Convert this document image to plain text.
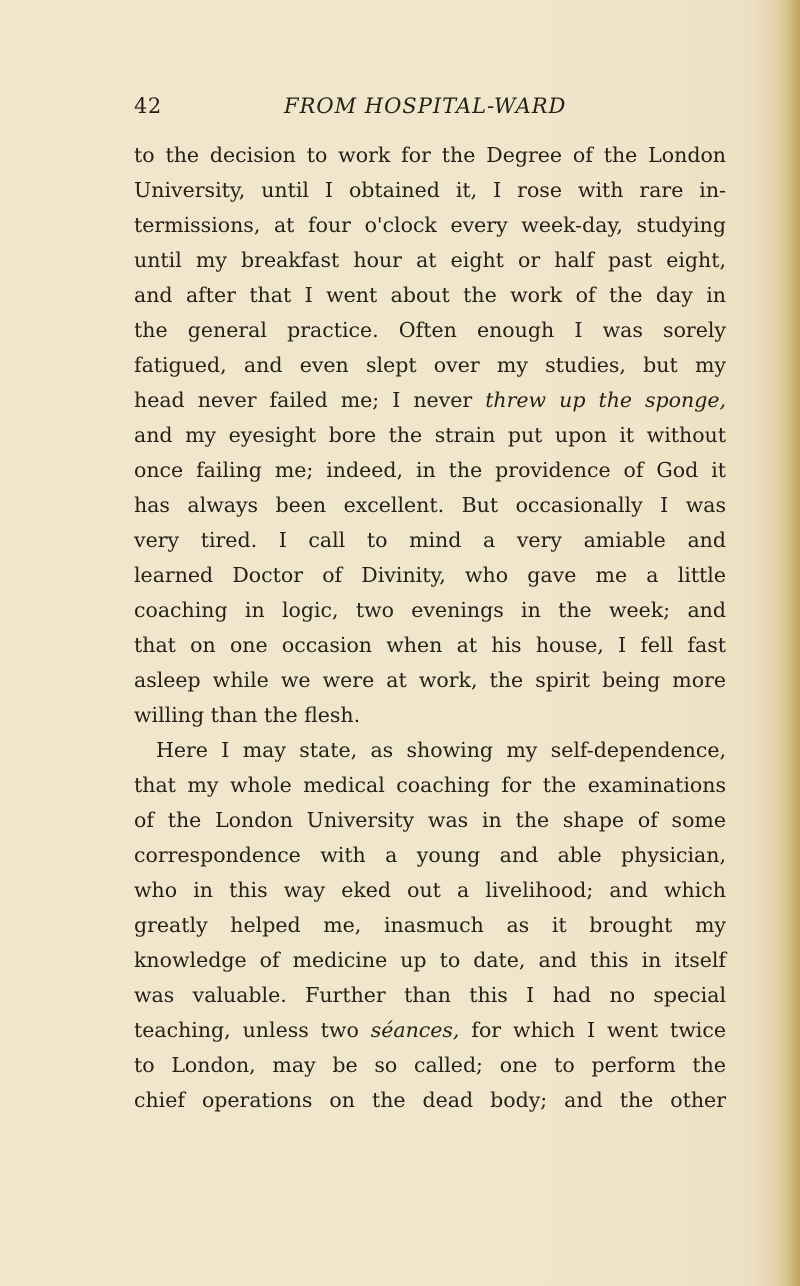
42	FROM HOSPITAL-WARD
to the decision to work for the Degree of the London
University, until I obtained it, I rose with rare in-
termissions, at four o'clock every week-day, studying
until my breakfast hour at eight or half past eight,
and after that I went about the work of the day in
the general practice. Often enough I was sorely
fatigued, and even slept over my studies, but my
head never failed me; I never threw up the sponge,
and my eyesight bore the strain put upon it without
once failing me; indeed, in the providence of God it
has always been excellent. But occasionally I was
very tired. I call to mind a very amiable and
learned Doctor of Divinity, who gave me a little
coaching in logic, two evenings in the week; and
that on one occasion when at his house, I fell fast
asleep while we were at work, the spirit being more
willing than the flesh.
Here I may state, as showing my self-dependence,
that my whole medical coaching for the examinations
of the London University was in the shape of some
correspondence with a young and able physician,
who in this way eked out a livelihood; and which
greatly helped me, inasmuch as it brought my
knowledge of medicine up to date, and this in itself
was valuable. Further than this I had no special
teaching, unless two séances, for which I went twice
to London, may be so called; one to perform the
chief operations on the dead body; and the other
